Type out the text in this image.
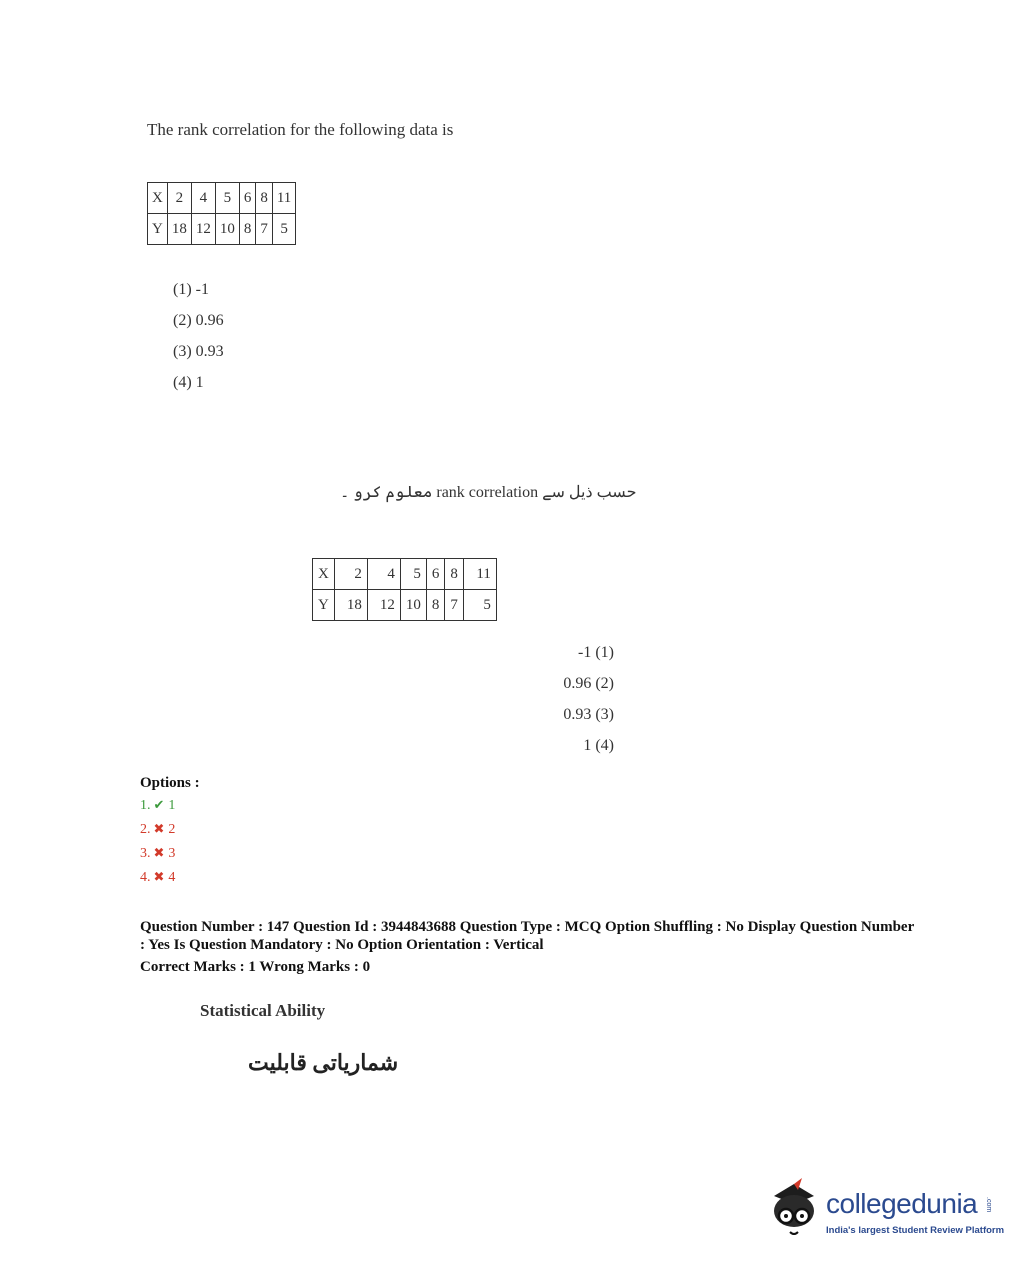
The rank correlation for the following data is
X	2	4	5	6	8	11
Y	18	12	10	8	7	5
(1) -1
(2) 0.96
(3) 0.93
(4) 1
حسب ذیل سے rank correlation معلوم کرو ۔
X	2	4	5	6	8	11
Y	18	12	10	8	7	5
-1 (1)
0.96 (2)
0.93 (3)
1 (4)
Options :
1. ✔ 1
2. ✖ 2
3. ✖ 3
4. ✖ 4
Question Number : 147 Question Id : 3944843688 Question Type : MCQ Option Shuffling : No Display Question Number : Yes Is Question Mandatory : No Option Orientation : Vertical
Correct Marks : 1 Wrong Marks : 0
Statistical Ability
شماریاتی قابلیت
collegedunia .com
India's largest Student Review Platform
